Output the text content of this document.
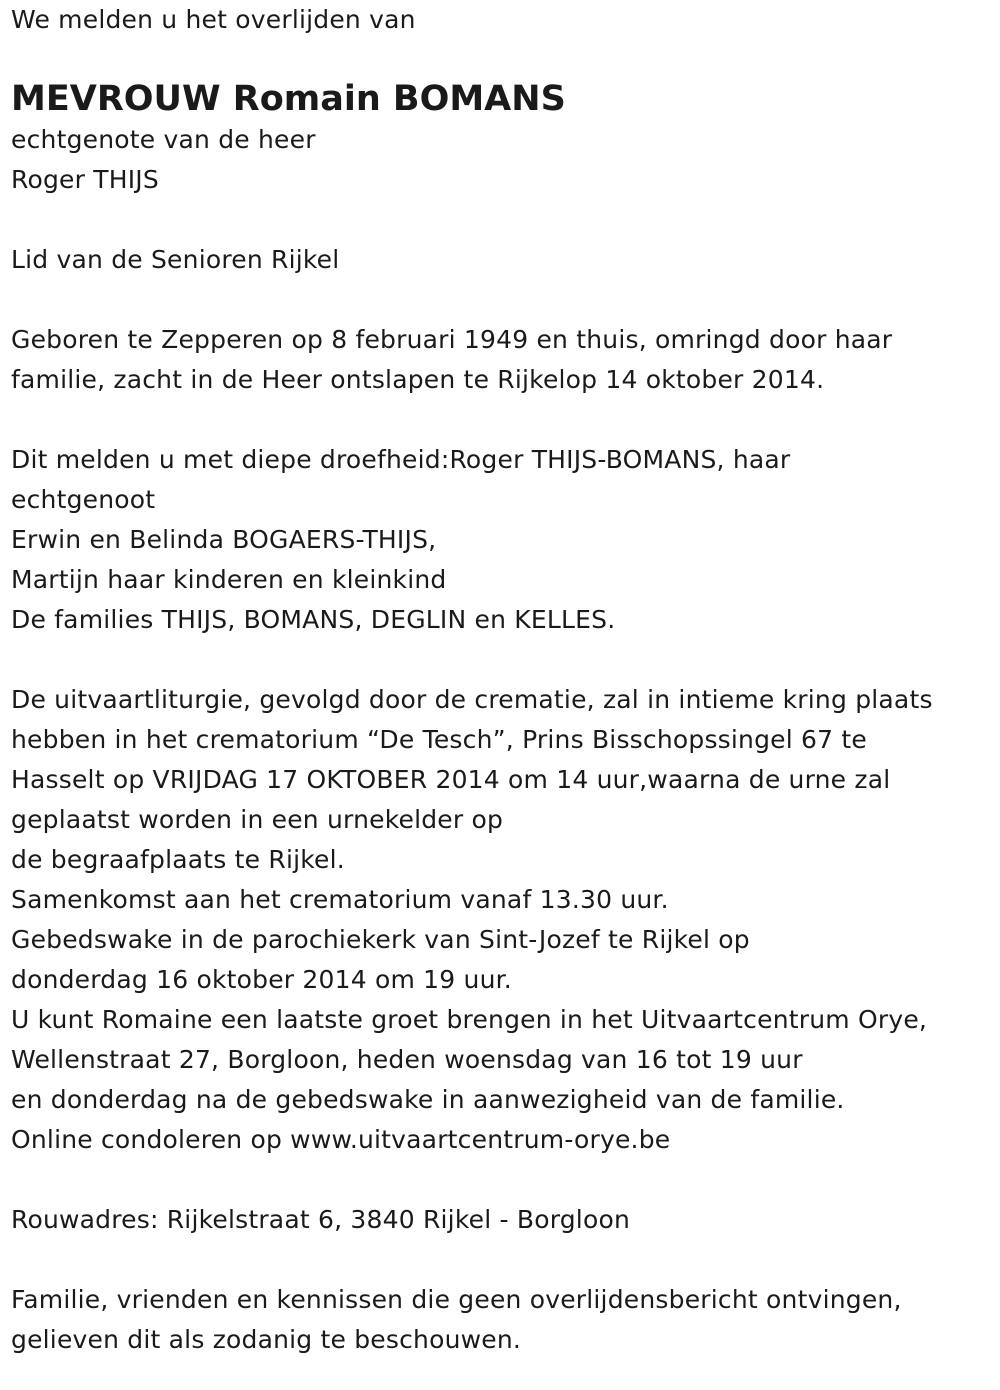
We melden u het overlijden van
MEVROUW Romain BOMANS
echtgenote van de heer
Roger THIJS
Lid van de Senioren Rijkel
Geboren te Zepperen op 8 februari 1949 en thuis, omringd door haar
familie, zacht in de Heer ontslapen te Rijkelop 14 oktober 2014.
Dit melden u met diepe droefheid:Roger THIJS-BOMANS, haar
echtgenoot
Erwin en Belinda BOGAERS-THIJS,
Martijn haar kinderen en kleinkind
De families THIJS, BOMANS, DEGLIN en KELLES.
De uitvaartliturgie, gevolgd door de crematie, zal in intieme kring plaats
hebben in het crematorium “De Tesch”, Prins Bisschopssingel 67 te
Hasselt op VRIJDAG 17 OKTOBER 2014 om 14 uur,waarna de urne zal
geplaatst worden in een urnekelder op
de begraafplaats te Rijkel.
Samenkomst aan het crematorium vanaf 13.30 uur.
Gebedswake in de parochiekerk van Sint-Jozef te Rijkel op
donderdag 16 oktober 2014 om 19 uur.
U kunt Romaine een laatste groet brengen in het Uitvaartcentrum Orye,
Wellenstraat 27, Borgloon, heden woensdag van 16 tot 19 uur
en donderdag na de gebedswake in aanwezigheid van de familie.
Online condoleren op www.uitvaartcentrum-orye.be
Rouwadres: Rijkelstraat 6, 3840 Rijkel - Borgloon
Familie, vrienden en kennissen die geen overlijdensbericht ontvingen,
gelieven dit als zodanig te beschouwen.
